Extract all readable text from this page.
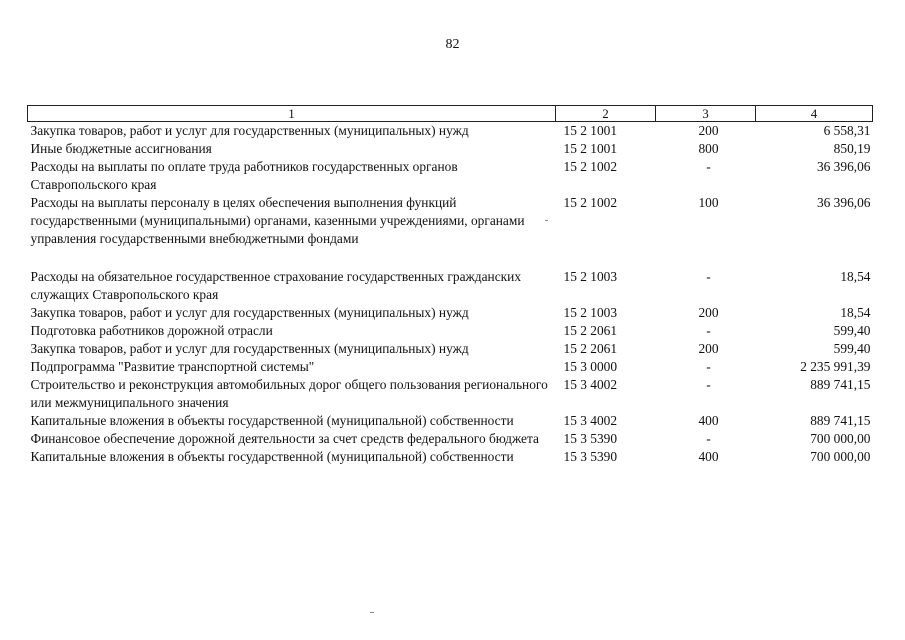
82
1	2	3	4
Закупка товаров, работ и услуг для государственных (муниципальных) нужд	15 2 1001	200	6 558,31
Иные бюджетные ассигнования	15 2 1001	800	850,19
Расходы на выплаты по оплате труда работников государственных органов Ставропольского края	15 2 1002	-	36 396,06
Расходы на выплаты персоналу в целях обеспечения выполнения функций государственными (муниципальными) органами, казенными учреждениями, органами управления государственными внебюджетными фондами	15 2 1002	100	36 396,06

Расходы на обязательное государственное страхование государственных гражданских служащих Ставропольского края	15 2 1003	-	18,54
Закупка товаров, работ и услуг для государственных (муниципальных) нужд	15 2 1003	200	18,54
Подготовка работников дорожной отрасли	15 2 2061	-	599,40
Закупка товаров, работ и услуг для государственных (муниципальных) нужд	15 2 2061	200	599,40
Подпрограмма "Развитие транспортной системы"	15 3 0000	-	2 235 991,39
Строительство и реконструкция автомобильных дорог общего пользования регионального или межмуниципального значения	15 3 4002	-	889 741,15
Капитальные вложения в объекты государственной (муниципальной) собственности	15 3 4002	400	889 741,15
Финансовое обеспечение дорожной деятельности за счет средств федерального бюджета	15 3 5390	-	700 000,00
Капитальные вложения в объекты государственной (муниципальной) собственности	15 3 5390	400	700 000,00
